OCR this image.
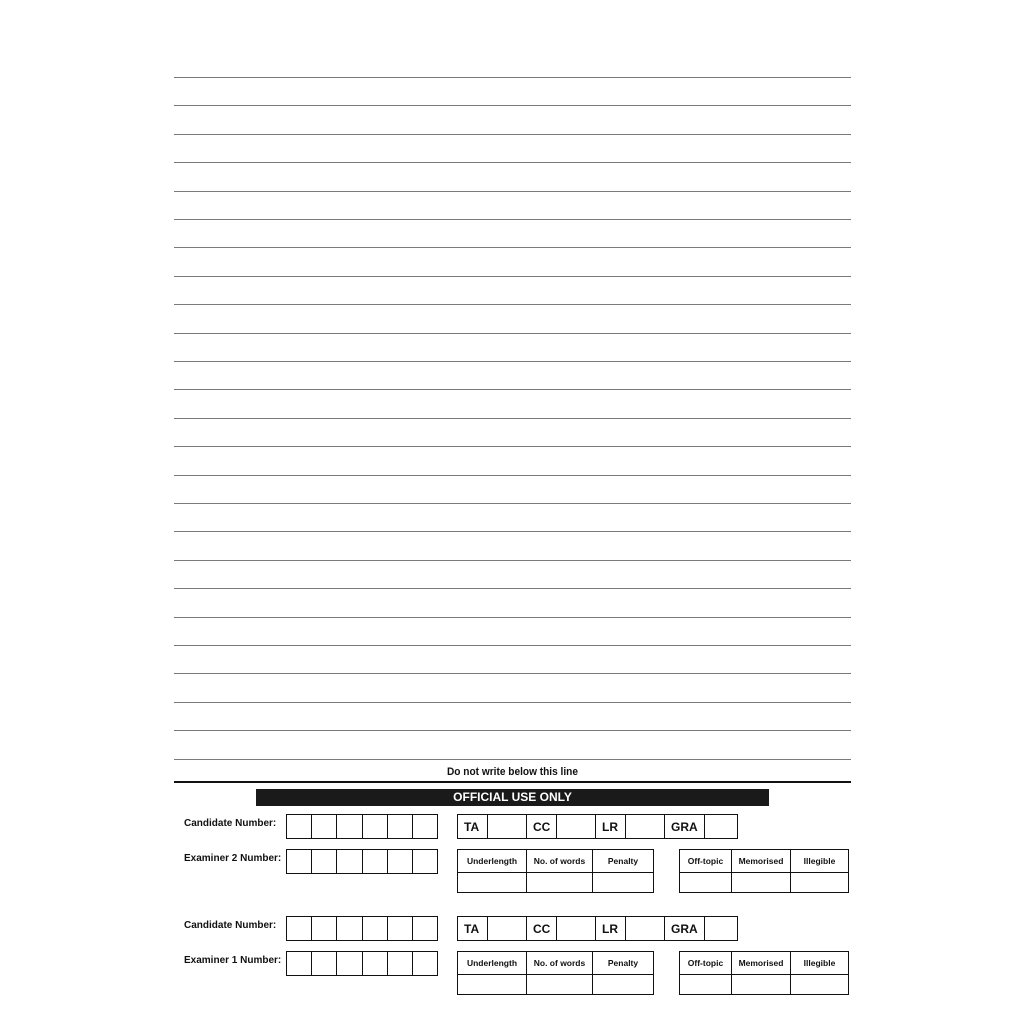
Do not write below this line
OFFICIAL USE ONLY
Candidate Number:	TA	CC	LR	GRA
Examiner 2 Number:	Underlength	No. of words	Penalty	Off-topic	Memorised	Illegible
Candidate Number:	TA	CC	LR	GRA
Examiner 1 Number:	Underlength	No. of words	Penalty	Off-topic	Memorised	Illegible
